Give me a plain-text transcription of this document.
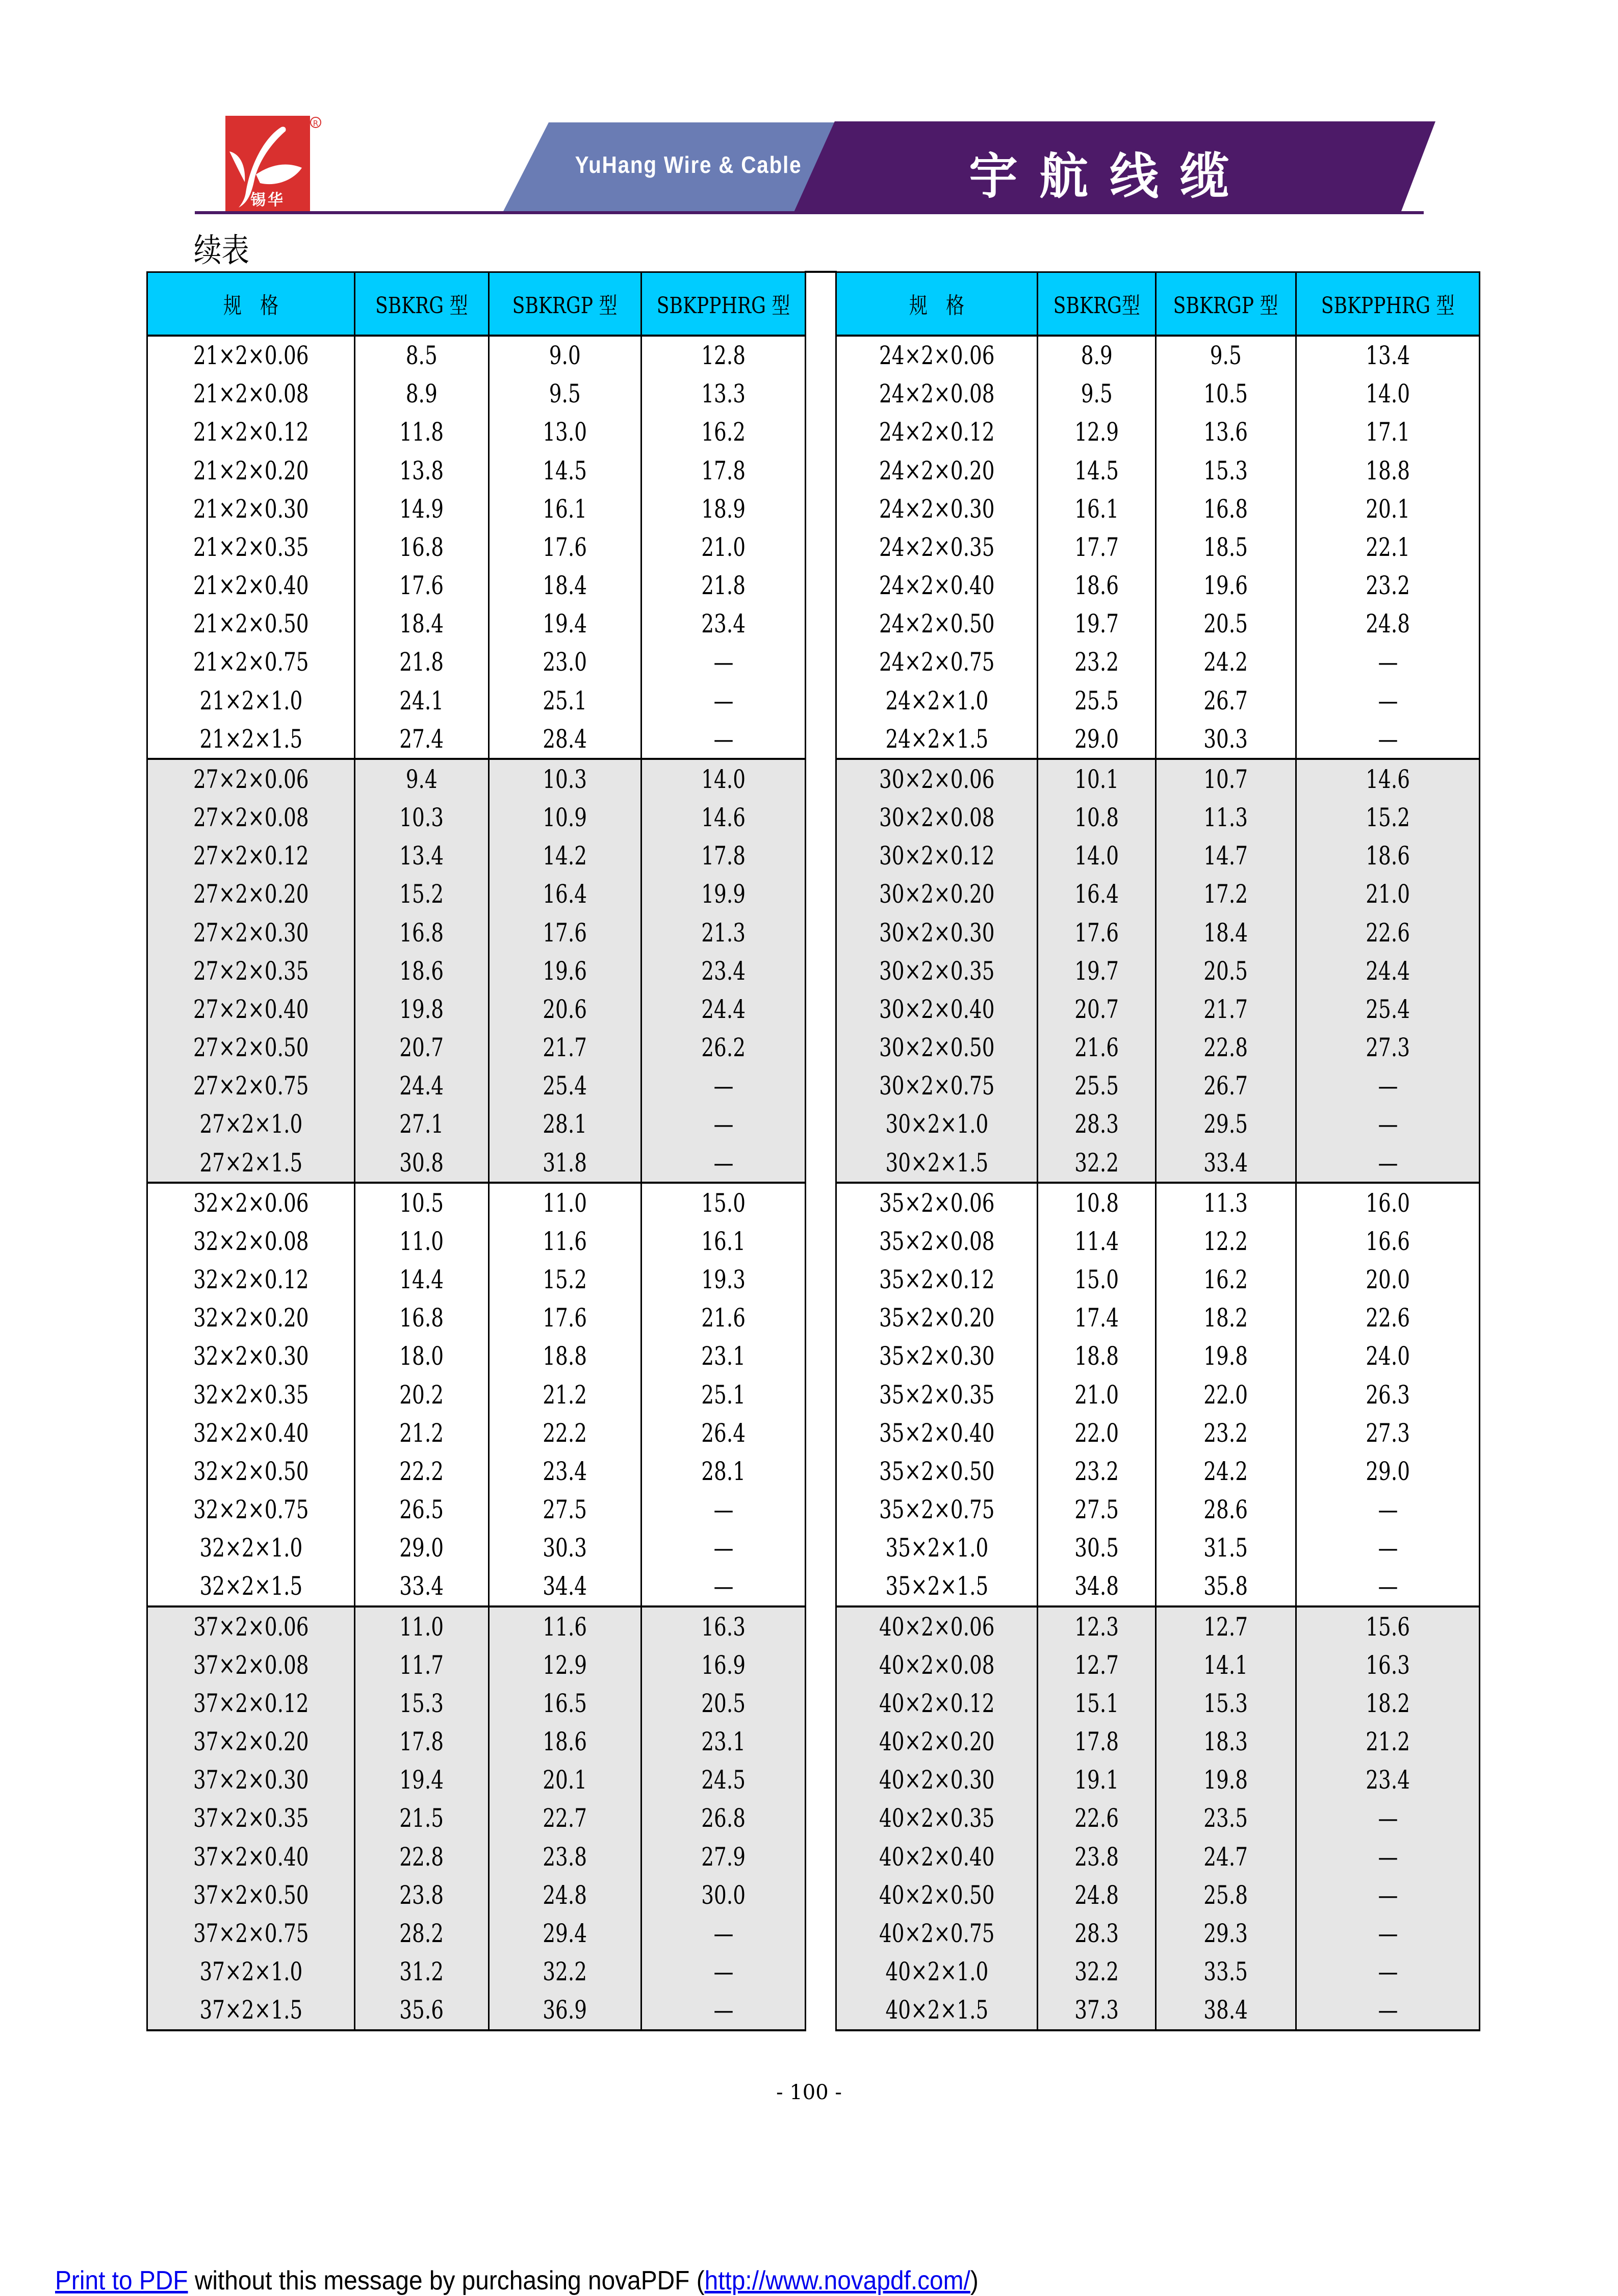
R
锡华
YuHang Wire & Cable	宇航线缆
续表
规　格	SBKRG 型	SBKRGP 型	SBKPPHRG 型		规　格	SBKRG型	SBKRGP 型	SBKPPHRG 型
21×2×0.06	8.5	9.0	12.8		24×2×0.06	8.9	9.5	13.4
21×2×0.08	8.9	9.5	13.3		24×2×0.08	9.5	10.5	14.0
21×2×0.12	11.8	13.0	16.2		24×2×0.12	12.9	13.6	17.1
21×2×0.20	13.8	14.5	17.8		24×2×0.20	14.5	15.3	18.8
21×2×0.30	14.9	16.1	18.9		24×2×0.30	16.1	16.8	20.1
21×2×0.35	16.8	17.6	21.0		24×2×0.35	17.7	18.5	22.1
21×2×0.40	17.6	18.4	21.8		24×2×0.40	18.6	19.6	23.2
21×2×0.50	18.4	19.4	23.4		24×2×0.50	19.7	20.5	24.8
21×2×0.75	21.8	23.0	—		24×2×0.75	23.2	24.2	—
21×2×1.0	24.1	25.1	—		24×2×1.0	25.5	26.7	—
21×2×1.5	27.4	28.4	—		24×2×1.5	29.0	30.3	—
27×2×0.06	9.4	10.3	14.0		30×2×0.06	10.1	10.7	14.6
27×2×0.08	10.3	10.9	14.6		30×2×0.08	10.8	11.3	15.2
27×2×0.12	13.4	14.2	17.8		30×2×0.12	14.0	14.7	18.6
27×2×0.20	15.2	16.4	19.9		30×2×0.20	16.4	17.2	21.0
27×2×0.30	16.8	17.6	21.3		30×2×0.30	17.6	18.4	22.6
27×2×0.35	18.6	19.6	23.4		30×2×0.35	19.7	20.5	24.4
27×2×0.40	19.8	20.6	24.4		30×2×0.40	20.7	21.7	25.4
27×2×0.50	20.7	21.7	26.2		30×2×0.50	21.6	22.8	27.3
27×2×0.75	24.4	25.4	—		30×2×0.75	25.5	26.7	—
27×2×1.0	27.1	28.1	—		30×2×1.0	28.3	29.5	—
27×2×1.5	30.8	31.8	—		30×2×1.5	32.2	33.4	—
32×2×0.06	10.5	11.0	15.0		35×2×0.06	10.8	11.3	16.0
32×2×0.08	11.0	11.6	16.1		35×2×0.08	11.4	12.2	16.6
32×2×0.12	14.4	15.2	19.3		35×2×0.12	15.0	16.2	20.0
32×2×0.20	16.8	17.6	21.6		35×2×0.20	17.4	18.2	22.6
32×2×0.30	18.0	18.8	23.1		35×2×0.30	18.8	19.8	24.0
32×2×0.35	20.2	21.2	25.1		35×2×0.35	21.0	22.0	26.3
32×2×0.40	21.2	22.2	26.4		35×2×0.40	22.0	23.2	27.3
32×2×0.50	22.2	23.4	28.1		35×2×0.50	23.2	24.2	29.0
32×2×0.75	26.5	27.5	—		35×2×0.75	27.5	28.6	—
32×2×1.0	29.0	30.3	—		35×2×1.0	30.5	31.5	—
32×2×1.5	33.4	34.4	—		35×2×1.5	34.8	35.8	—
37×2×0.06	11.0	11.6	16.3		40×2×0.06	12.3	12.7	15.6
37×2×0.08	11.7	12.9	16.9		40×2×0.08	12.7	14.1	16.3
37×2×0.12	15.3	16.5	20.5		40×2×0.12	15.1	15.3	18.2
37×2×0.20	17.8	18.6	23.1		40×2×0.20	17.8	18.3	21.2
37×2×0.30	19.4	20.1	24.5		40×2×0.30	19.1	19.8	23.4
37×2×0.35	21.5	22.7	26.8		40×2×0.35	22.6	23.5	—
37×2×0.40	22.8	23.8	27.9		40×2×0.40	23.8	24.7	—
37×2×0.50	23.8	24.8	30.0		40×2×0.50	24.8	25.8	—
37×2×0.75	28.2	29.4	—		40×2×0.75	28.3	29.3	—
37×2×1.0	31.2	32.2	—		40×2×1.0	32.2	33.5	—
37×2×1.5	35.6	36.9	—		40×2×1.5	37.3	38.4	—
- 100 -
Print to PDF without this message by purchasing novaPDF (http://www.novapdf.com/)
